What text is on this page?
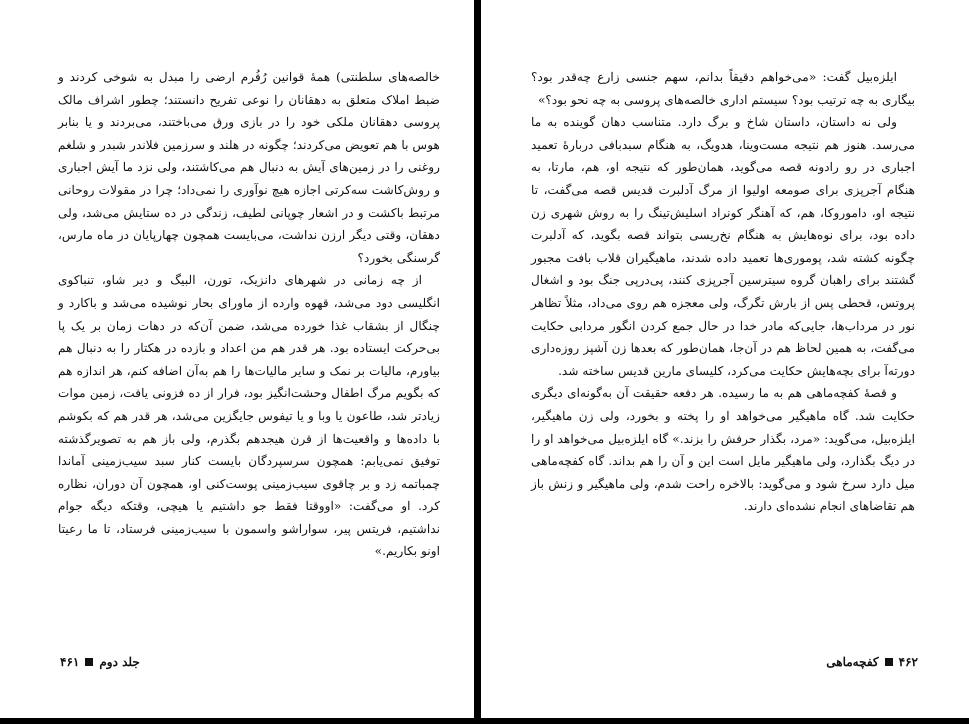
خالصه‌های سلطنتی) همهٔ قوانین رُفُرم ارضی را مبدل به شوخی کردند و ضبط املاک متعلق به دهقانان را نوعی تفریح دانستند؛ چطور اشراف مالک پروسی دهقانان ملکی خود را در بازی ورق می‌باختند، می‌بردند و یا بنابر هوس با هم تعویض می‌کردند؛ چگونه در هلند و سرزمین فلاندر شبدر و شلغم روغنی را در زمین‌های آیش به دنبال هم می‌کاشتند، ولی نزد ما آیش اجباری و روش‌کاشت سه‌کرتی اجازه هیچ نوآوری را نمی‌داد؛ چرا در مقولات روحانی مرتبط با‌کشت و در اشعار چوپانی لطیف، زندگی در ده ستایش می‌شد، ولی دهقان، وقتی دیگر ارزن نداشت، می‌بایست همچون چهارپایان در ماه مارس، گرسنگی بخورد؟

از چه زمانی در شهرهای دانزیک، تورن، البیگ و دیر شاو، تنباکوی انگلیسی دود می‌شد، قهوه وارده از ماورای بحار نوشیده می‌شد و باکارد و چنگال از بشقاب غذا خورده می‌شد، ضمن آن‌که در دهات زمان بر یک پا بی‌حرکت ایستاده بود. هر قدر هم من اعداد و بازده در هکتار را به دنبال هم بیاورم، مالیات بر نمک و سایر مالیات‌ها را هم به‌آن اضافه کنم، هر اندازه هم که بگویم مرگ اطفال وحشت‌انگیز بود، فرار از ده فزونی یافت، زمین موات زیادتر شد، طاعون یا وبا و یا تیفوس جایگزین می‌شد، هر قدر هم که بکوشم با داده‌ها و واقعیت‌ها از قرن هیجدهم بگذرم، ولی باز هم به تصویرگذشته توفیق نمی‌یابم: همچون سرسپردگان بایست کنار سبد سیب‌زمینی آماندا چمباتمه زد و بر چاقوی سیب‌زمینی پوست‌کنی او، همچون آن دوران، نظاره کرد. او می‌گفت: «اووقتا فقط جو داشتیم یا هیچی، وقتکه دیگه جوام نداشتیم، فریتس پیر، سواراشو واسمون با سیب‌زمینی فرستاد، تا ما رعیتا اونو بکاریم.»

جلد دوم
۴۶۱

ایلزه‌بیل گفت: «می‌خواهم دقیقاً بدانم، سهم جنسی زارع چه‌قدر بود؟ بیگاری به چه ترتیب بود؟ سیستم اداری خالصه‌های پروسی به چه نحو بود؟»

ولی نه داستان، داستان شاخ و برگ دارد. متناسب دهان گوینده به ما می‌رسد. هنوز هم نتیجه مست‌وینا، هدویگ، به هنگام سبدبافی دربارهٔ تعمید اجباری در رو رادونه قصه می‌گوید، همان‌طور که نتیجه او، هم، مارتا، به هنگام آجرپزی برای صومعه اولیوا از مرگ آدلبرت قدیس قصه می‌گفت، تا نتیجه او، داموروکا، هم، که آهنگر کونراد اسلیش‌تینگ را به روش شهری زن داده بود، برای نوه‌هایش به هنگام نخ‌ریسی بتواند قصه بگوید، که آدلبرت چگونه کشته شد، پوموری‌ها تعمید داده شدند، ماهیگیران قلاب بافت مجبور گشتند برای راهبان گروه سیترسین آجرپزی کنند، پی‌درپی جنگ بود و اشغال پروتس، قحطی پس از بارش تگرگ، ولی معجزه هم روی می‌داد، مثلاً تظاهر نور در مرداب‌ها، جایی‌که مادر خدا در حال جمع کردن انگور مردابی حکایت می‌گفت، به همین لحاظ هم در آن‌جا، همان‌طور که بعدها زن آشپز روزه‌داری دورته‌آ برای بچه‌هایش حکایت می‌کرد، کلیسای مارین قدیس ساخته شد.

و قصهٔ کفچه‌ماهی هم به ما رسیده. هر دفعه حقیقت آن به‌گونه‌ای دیگری حکایت شد. گاه ماهیگیر می‌خواهد او را پخته و بخورد، ولی زن ماهیگیر، ایلزه‌بیل، می‌گوید: «مرد، بگذار حرفش را بزند.» گاه ایلزه‌بیل می‌خواهد او را در دیگ بگذارد، ولی ماهیگیر مایل است این و آن را هم بداند. گاه کفچه‌ماهی میل دارد سرخ شود و می‌گوید: بالاخره راحت شدم، ولی ماهیگیر و زنش باز هم تقاضاهای انجام نشده‌ای دارند.

۴۶۲
کفچه‌ماهی
